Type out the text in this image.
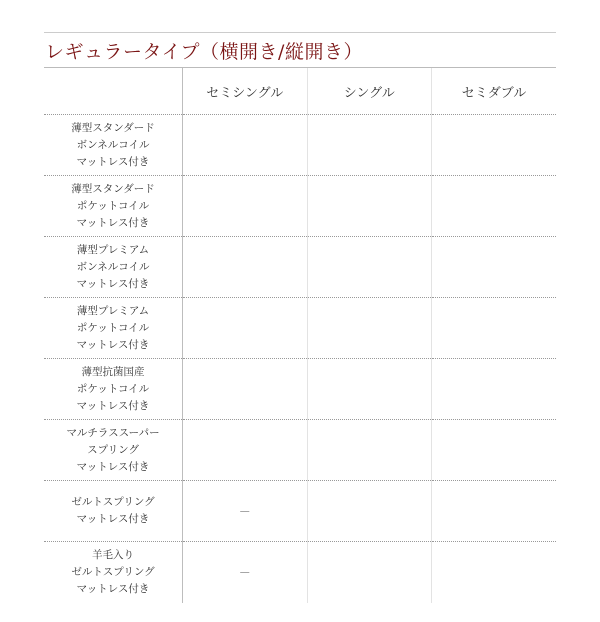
レギュラータイプ（横開き/縦開き）
	セミシングル	シングル	セミダブル

薄型スタンダード
ボンネルコイル
マットレス付き			

薄型スタンダード
ポケットコイル
マットレス付き			

薄型プレミアム
ボンネルコイル
マットレス付き			

薄型プレミアム
ポケットコイル
マットレス付き			

薄型抗菌国産
ポケットコイル
マットレス付き			

マルチラススーパー
スプリング
マットレス付き			

ゼルトスプリング
マットレス付き	－		

羊毛入り
ゼルトスプリング
マットレス付き	－		
